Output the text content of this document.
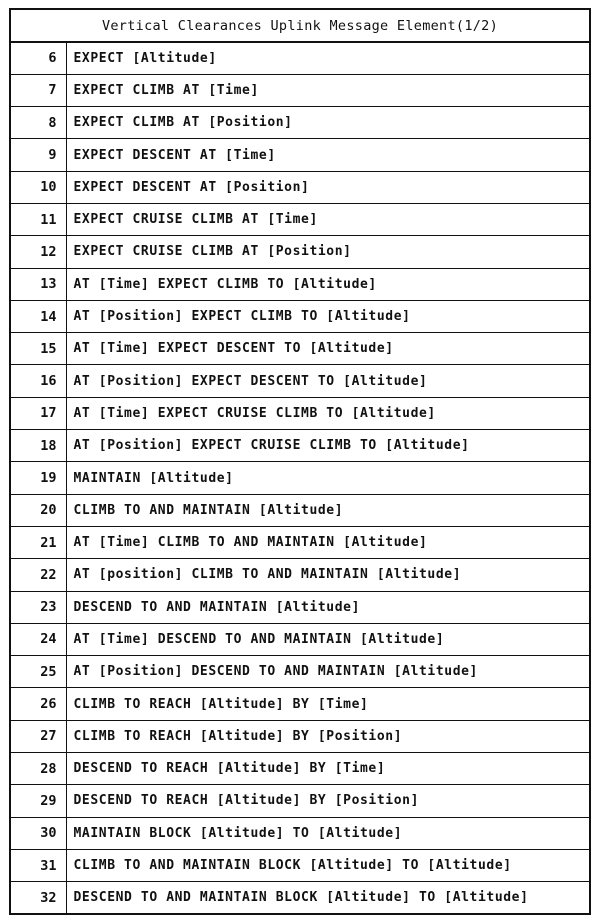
Vertical Clearances Uplink Message Element(1/2)	
6	EXPECT [Altitude]
7	EXPECT CLIMB AT [Time]
8	EXPECT CLIMB AT [Position]
9	EXPECT DESCENT AT [Time]
10	EXPECT DESCENT AT [Position]
11	EXPECT CRUISE CLIMB AT [Time]
12	EXPECT CRUISE CLIMB AT [Position]
13	AT [Time] EXPECT CLIMB TO [Altitude]
14	AT [Position] EXPECT CLIMB TO [Altitude]
15	AT [Time] EXPECT DESCENT TO [Altitude]
16	AT [Position] EXPECT DESCENT TO [Altitude]
17	AT [Time] EXPECT CRUISE CLIMB TO [Altitude]
18	AT [Position] EXPECT CRUISE CLIMB TO [Altitude]
19	MAINTAIN [Altitude]
20	CLIMB TO AND MAINTAIN [Altitude]
21	AT [Time] CLIMB TO AND MAINTAIN [Altitude]
22	AT [position] CLIMB TO AND MAINTAIN [Altitude]
23	DESCEND TO AND MAINTAIN [Altitude]
24	AT [Time] DESCEND TO AND MAINTAIN [Altitude]
25	AT [Position] DESCEND TO AND MAINTAIN [Altitude]
26	CLIMB TO REACH [Altitude] BY [Time]
27	CLIMB TO REACH [Altitude] BY [Position]
28	DESCEND TO REACH [Altitude] BY [Time]
29	DESCEND TO REACH [Altitude] BY [Position]
30	MAINTAIN BLOCK [Altitude] TO [Altitude]
31	CLIMB TO AND MAINTAIN BLOCK [Altitude] TO [Altitude]
32	DESCEND TO AND MAINTAIN BLOCK [Altitude] TO [Altitude]
